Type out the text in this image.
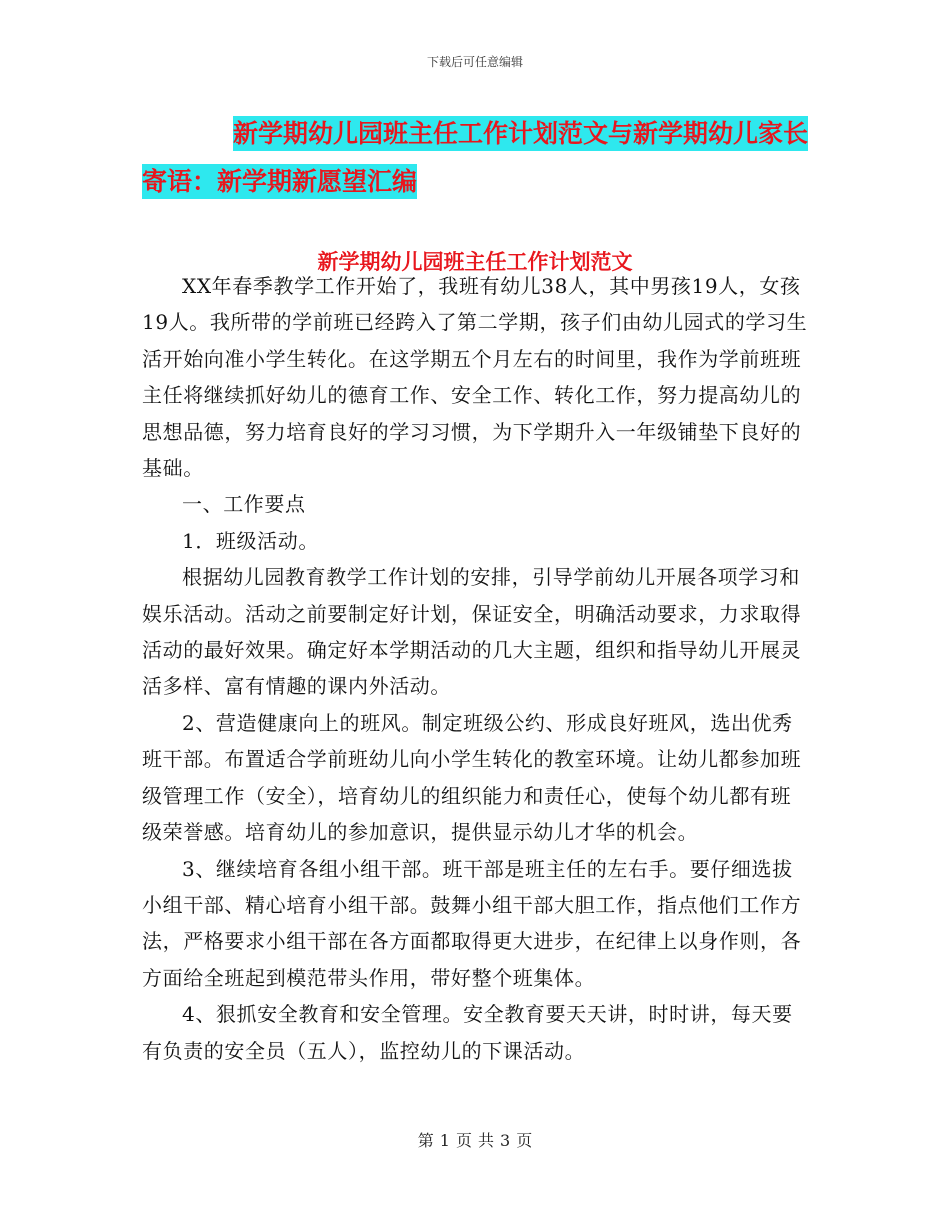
下载后可任意编辑
新学期幼儿园班主任工作计划范文与新学期幼儿家长
寄语：新学期新愿望汇编
新学期幼儿园班主任工作计划范文

XX年春季教学工作开始了，我班有幼儿38人，其中男孩19人，女孩19人。我所带的学前班已经跨入了第二学期，孩子们由幼儿园式的学习生活开始向准小学生转化。在这学期五个月左右的时间里，我作为学前班班主任将继续抓好幼儿的德育工作、安全工作、转化工作，努力提高幼儿的思想品德，努力培育良好的学习习惯，为下学期升入一年级铺垫下良好的基础。

一、工作要点

1．班级活动。

根据幼儿园教育教学工作计划的安排，引导学前幼儿开展各项学习和娱乐活动。活动之前要制定好计划，保证安全，明确活动要求，力求取得活动的最好效果。确定好本学期活动的几大主题，组织和指导幼儿开展灵活多样、富有情趣的课内外活动。

2、营造健康向上的班风。制定班级公约、形成良好班风，选出优秀班干部。布置适合学前班幼儿向小学生转化的教室环境。让幼儿都参加班级管理工作（安全），培育幼儿的组织能力和责任心，使每个幼儿都有班级荣誉感。培育幼儿的参加意识，提供显示幼儿才华的机会。

3、继续培育各组小组干部。班干部是班主任的左右手。要仔细选拔小组干部、精心培育小组干部。鼓舞小组干部大胆工作，指点他们工作方法，严格要求小组干部在各方面都取得更大进步，在纪律上以身作则，各方面给全班起到模范带头作用，带好整个班集体。

4、狠抓安全教育和安全管理。安全教育要天天讲，时时讲，每天要有负责的安全员（五人），监控幼儿的下课活动。

第 1 页 共 3 页
